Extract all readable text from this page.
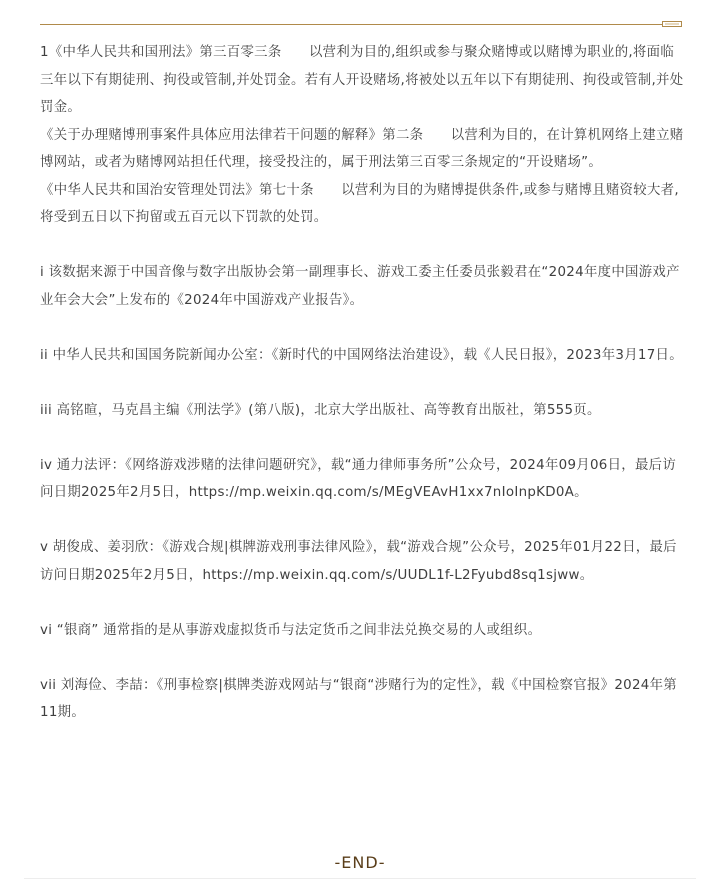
1《中华人民共和国刑法》第三百零三条　　以营利为目的,组织或参与聚众赌博或以赌博为职业的,将面临三年以下有期徒刑、拘役或管制,并处罚金。若有人开设赌场,将被处以五年以下有期徒刑、拘役或管制,并处罚金。

《关于办理赌博刑事案件具体应用法律若干问题的解释》第二条　　以营利为目的，在计算机网络上建立赌博网站，或者为赌博网站担任代理，接受投注的，属于刑法第三百零三条规定的“开设赌场”。

《中华人民共和国治安管理处罚法》第七十条　　以营利为目的为赌博提供条件,或参与赌博且赌资较大者,将受到五日以下拘留或五百元以下罚款的处罚。

i 该数据来源于中国音像与数字出版协会第一副理事长、游戏工委主任委员张毅君在“2024年度中国游戏产业年会大会”上发布的《2024年中国游戏产业报告》。

ii 中华人民共和国国务院新闻办公室：《新时代的中国网络法治建设》，载《人民日报》，2023年3月17日。

iii 高铭暄，马克昌主编《刑法学》(第八版)，北京大学出版社、高等教育出版社，第555页。

iv 通力法评：《网络游戏涉赌的法律问题研究》，载“通力律师事务所”公众号，2024年09月06日，最后访问日期2025年2月5日，https://mp.weixin.qq.com/s/MEgVEAvH1xx7nIoInpKD0A。

v 胡俊成、姜羽欣：《游戏合规|棋牌游戏刑事法律风险》，载“游戏合规”公众号，2025年01月22日，最后访问日期2025年2月5日，https://mp.weixin.qq.com/s/UUDL1f-L2Fyubd8sq1sjww。

vi “银商” 通常指的是从事游戏虚拟货币与法定货币之间非法兑换交易的人或组织。

vii 刘海俭、李喆：《刑事检察|棋牌类游戏网站与“银商“涉赌行为的定性》，载《中国检察官报》2024年第11期。

-END-
